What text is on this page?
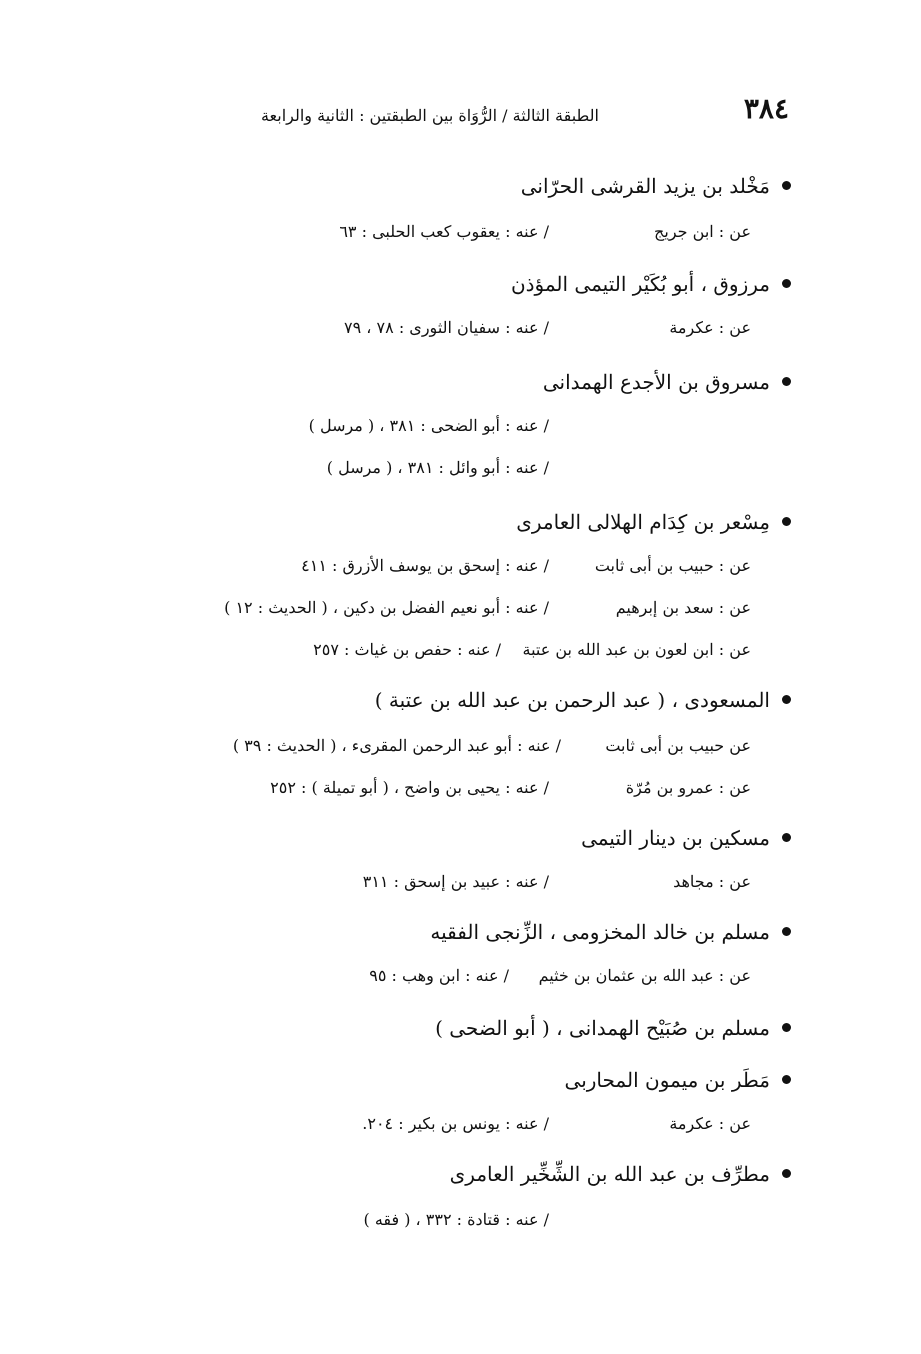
٣٨٤
الطبقة الثالثة / الرُّوَاة بين الطبقتين : الثانية والرابعة
مَخْلد بن يزيد القرشى الحرّانى
عن : ابن جريج
/ عنه : يعقوب كعب الحلبى : ٦٣
مرزوق ، أبو بُكَيْر التيمى المؤذن
عن : عكرمة
/ عنه : سفيان الثورى : ٧٨ ، ٧٩
مسروق بن الأجدع الهمدانى
/ عنه : أبو الضحى : ٣٨١ ، ( مرسل )
/ عنه : أبو وائل : ٣٨١ ، ( مرسل )
مِسْعر بن كِدَام الهلالى العامرى
عن : حبيب بن أبى ثابت
/ عنه : إسحق بن يوسف الأزرق : ٤١١
عن : سعد بن إبرهيم
/ عنه : أبو نعيم الفضل بن دكين ، ( الحديث : ١٢ )
عن : ابن لعون بن عبد الله بن عتبة
/ عنه : حفص بن غياث : ٢٥٧
المسعودى ، ( عبد الرحمن بن عبد الله بن عتبة )
عن حبيب بن أبى ثابت
/ عنه : أبو عبد الرحمن المقرىء ، ( الحديث : ٣٩ )
عن : عمرو بن مُرّة
/ عنه : يحيى بن واضح ، ( أبو تميلة ) : ٢٥٢
مسكين بن دينار التيمى
عن : مجاهد
/ عنه : عبيد بن إسحق : ٣١١
مسلم بن خالد المخزومى ، الزِّنجى الفقيه
عن : عبد الله بن عثمان بن خثيم
/ عنه : ابن وهب : ٩٥
مسلم بن صُبَيْح الهمدانى ، ( أبو الضحى )
مَطَر بن ميمون المحاربى
عن : عكرمة
/ عنه : يونس بن بكير : ٢٠٤.
مطرِّف بن عبد الله بن الشِّخِّير العامرى
/ عنه : قتادة : ٣٣٢ ، ( فقه )
